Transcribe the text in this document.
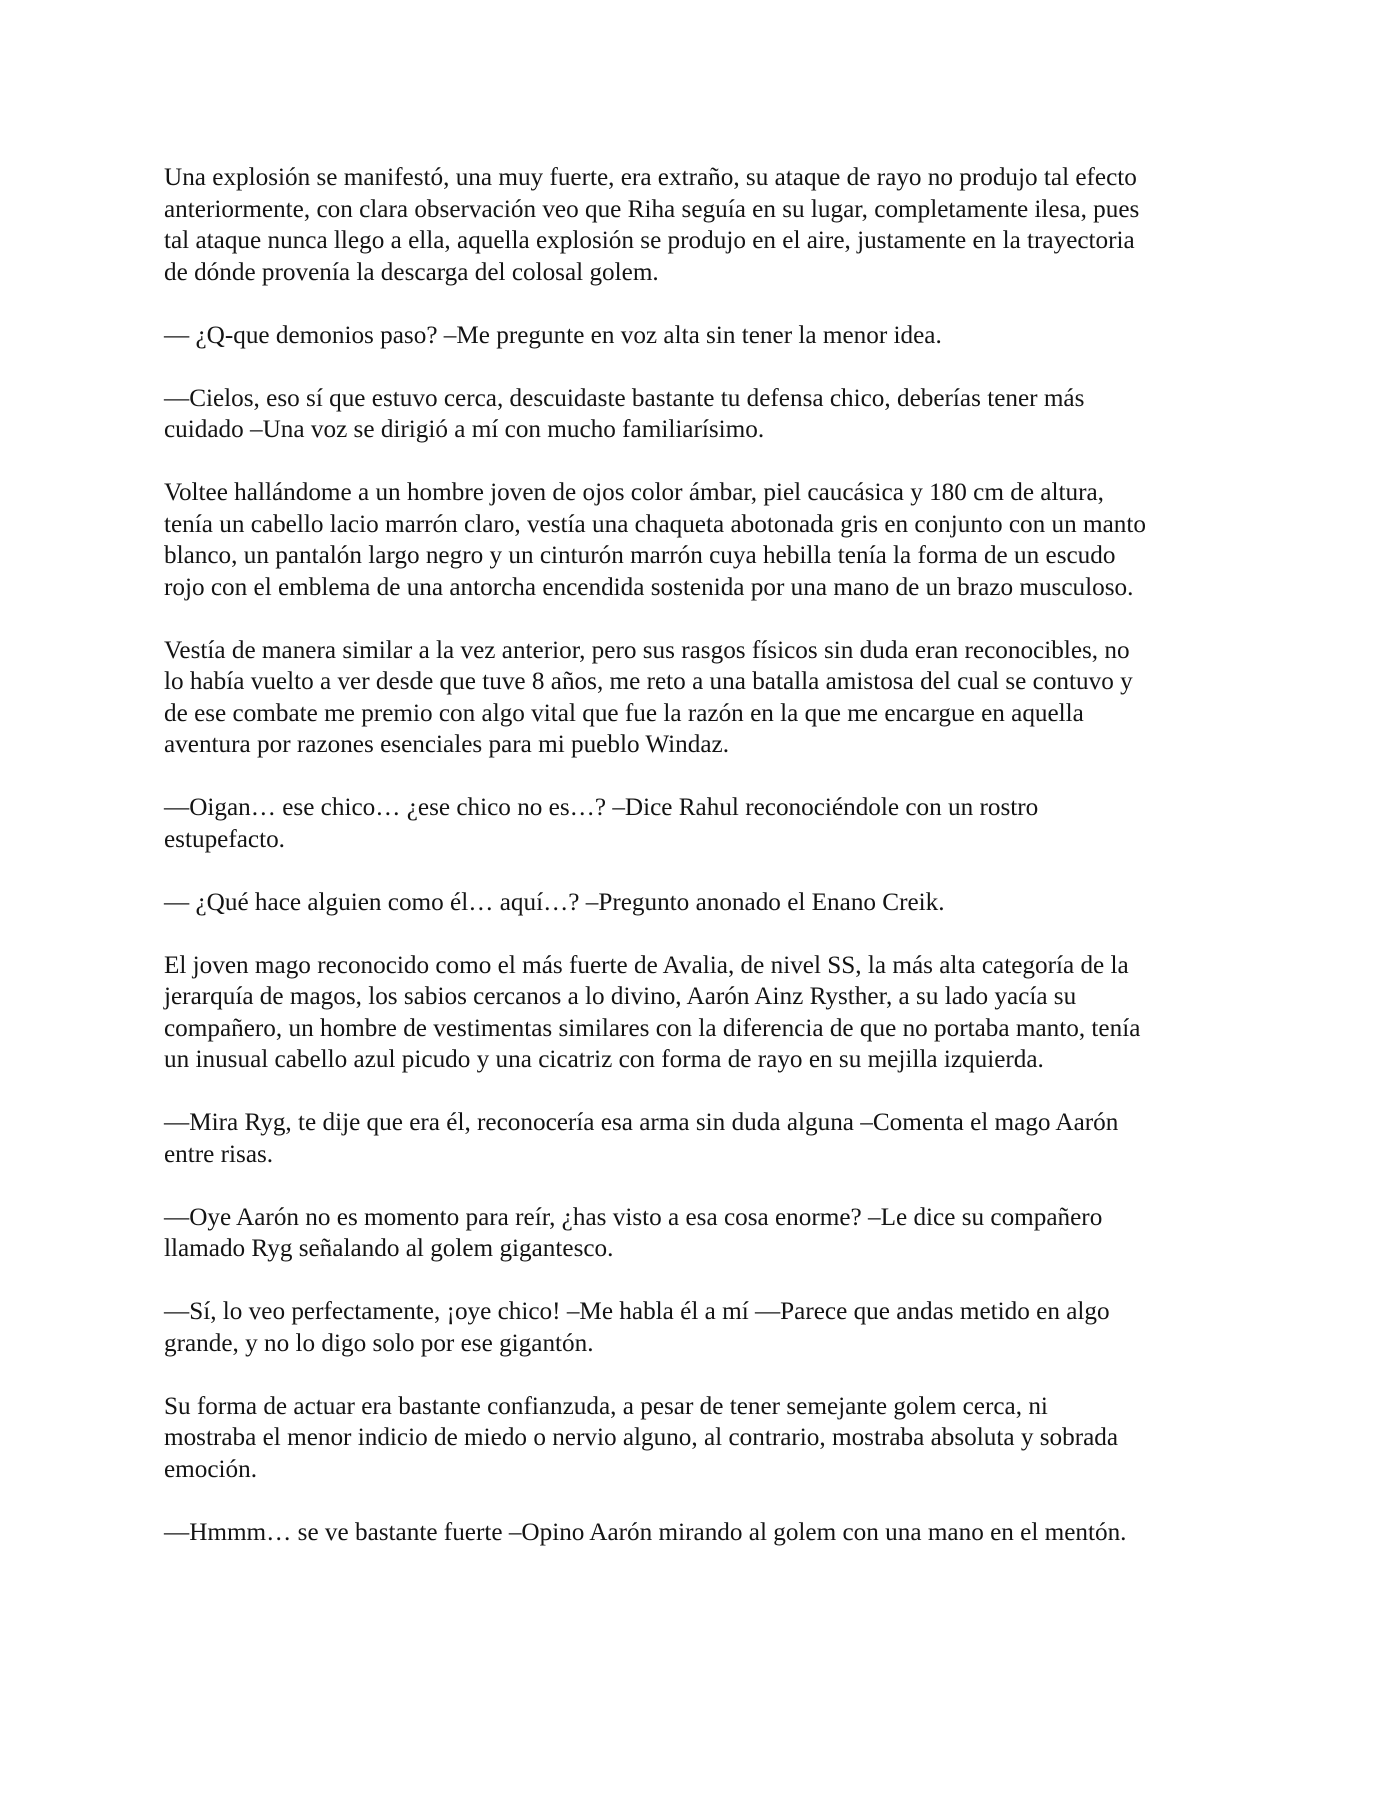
Una explosión se manifestó, una muy fuerte, era extraño, su ataque de rayo no produjo tal efecto
anteriormente, con clara observación veo que Riha seguía en su lugar, completamente ilesa, pues
tal ataque nunca llego a ella, aquella explosión se produjo en el aire, justamente en la trayectoria
de dónde provenía la descarga del colosal golem.

— ¿Q-que demonios paso? –Me pregunte en voz alta sin tener la menor idea.

—Cielos, eso sí que estuvo cerca, descuidaste bastante tu defensa chico, deberías tener más
cuidado –Una voz se dirigió a mí con mucho familiarísimo.

Voltee hallándome a un hombre joven de ojos color ámbar, piel caucásica y 180 cm de altura,
tenía un cabello lacio marrón claro, vestía una chaqueta abotonada gris en conjunto con un manto
blanco, un pantalón largo negro y un cinturón marrón cuya hebilla tenía la forma de un escudo
rojo con el emblema de una antorcha encendida sostenida por una mano de un brazo musculoso.

Vestía de manera similar a la vez anterior, pero sus rasgos físicos sin duda eran reconocibles, no
lo había vuelto a ver desde que tuve 8 años, me reto a una batalla amistosa del cual se contuvo y
de ese combate me premio con algo vital que fue la razón en la que me encargue en aquella
aventura por razones esenciales para mi pueblo Windaz.

—Oigan… ese chico… ¿ese chico no es…? –Dice Rahul reconociéndole con un rostro
estupefacto.

— ¿Qué hace alguien como él… aquí…? –Pregunto anonado el Enano Creik.

El joven mago reconocido como el más fuerte de Avalia, de nivel SS, la más alta categoría de la
jerarquía de magos, los sabios cercanos a lo divino, Aarón Ainz Rysther, a su lado yacía su
compañero, un hombre de vestimentas similares con la diferencia de que no portaba manto, tenía
un inusual cabello azul picudo y una cicatriz con forma de rayo en su mejilla izquierda.

—Mira Ryg, te dije que era él, reconocería esa arma sin duda alguna –Comenta el mago Aarón
entre risas.

—Oye Aarón no es momento para reír, ¿has visto a esa cosa enorme? –Le dice su compañero
llamado Ryg señalando al golem gigantesco.

—Sí, lo veo perfectamente, ¡oye chico! –Me habla él a mí —Parece que andas metido en algo
grande, y no lo digo solo por ese gigantón.

Su forma de actuar era bastante confianzuda, a pesar de tener semejante golem cerca, ni
mostraba el menor indicio de miedo o nervio alguno, al contrario, mostraba absoluta y sobrada
emoción.

—Hmmm… se ve bastante fuerte –Opino Aarón mirando al golem con una mano en el mentón.
